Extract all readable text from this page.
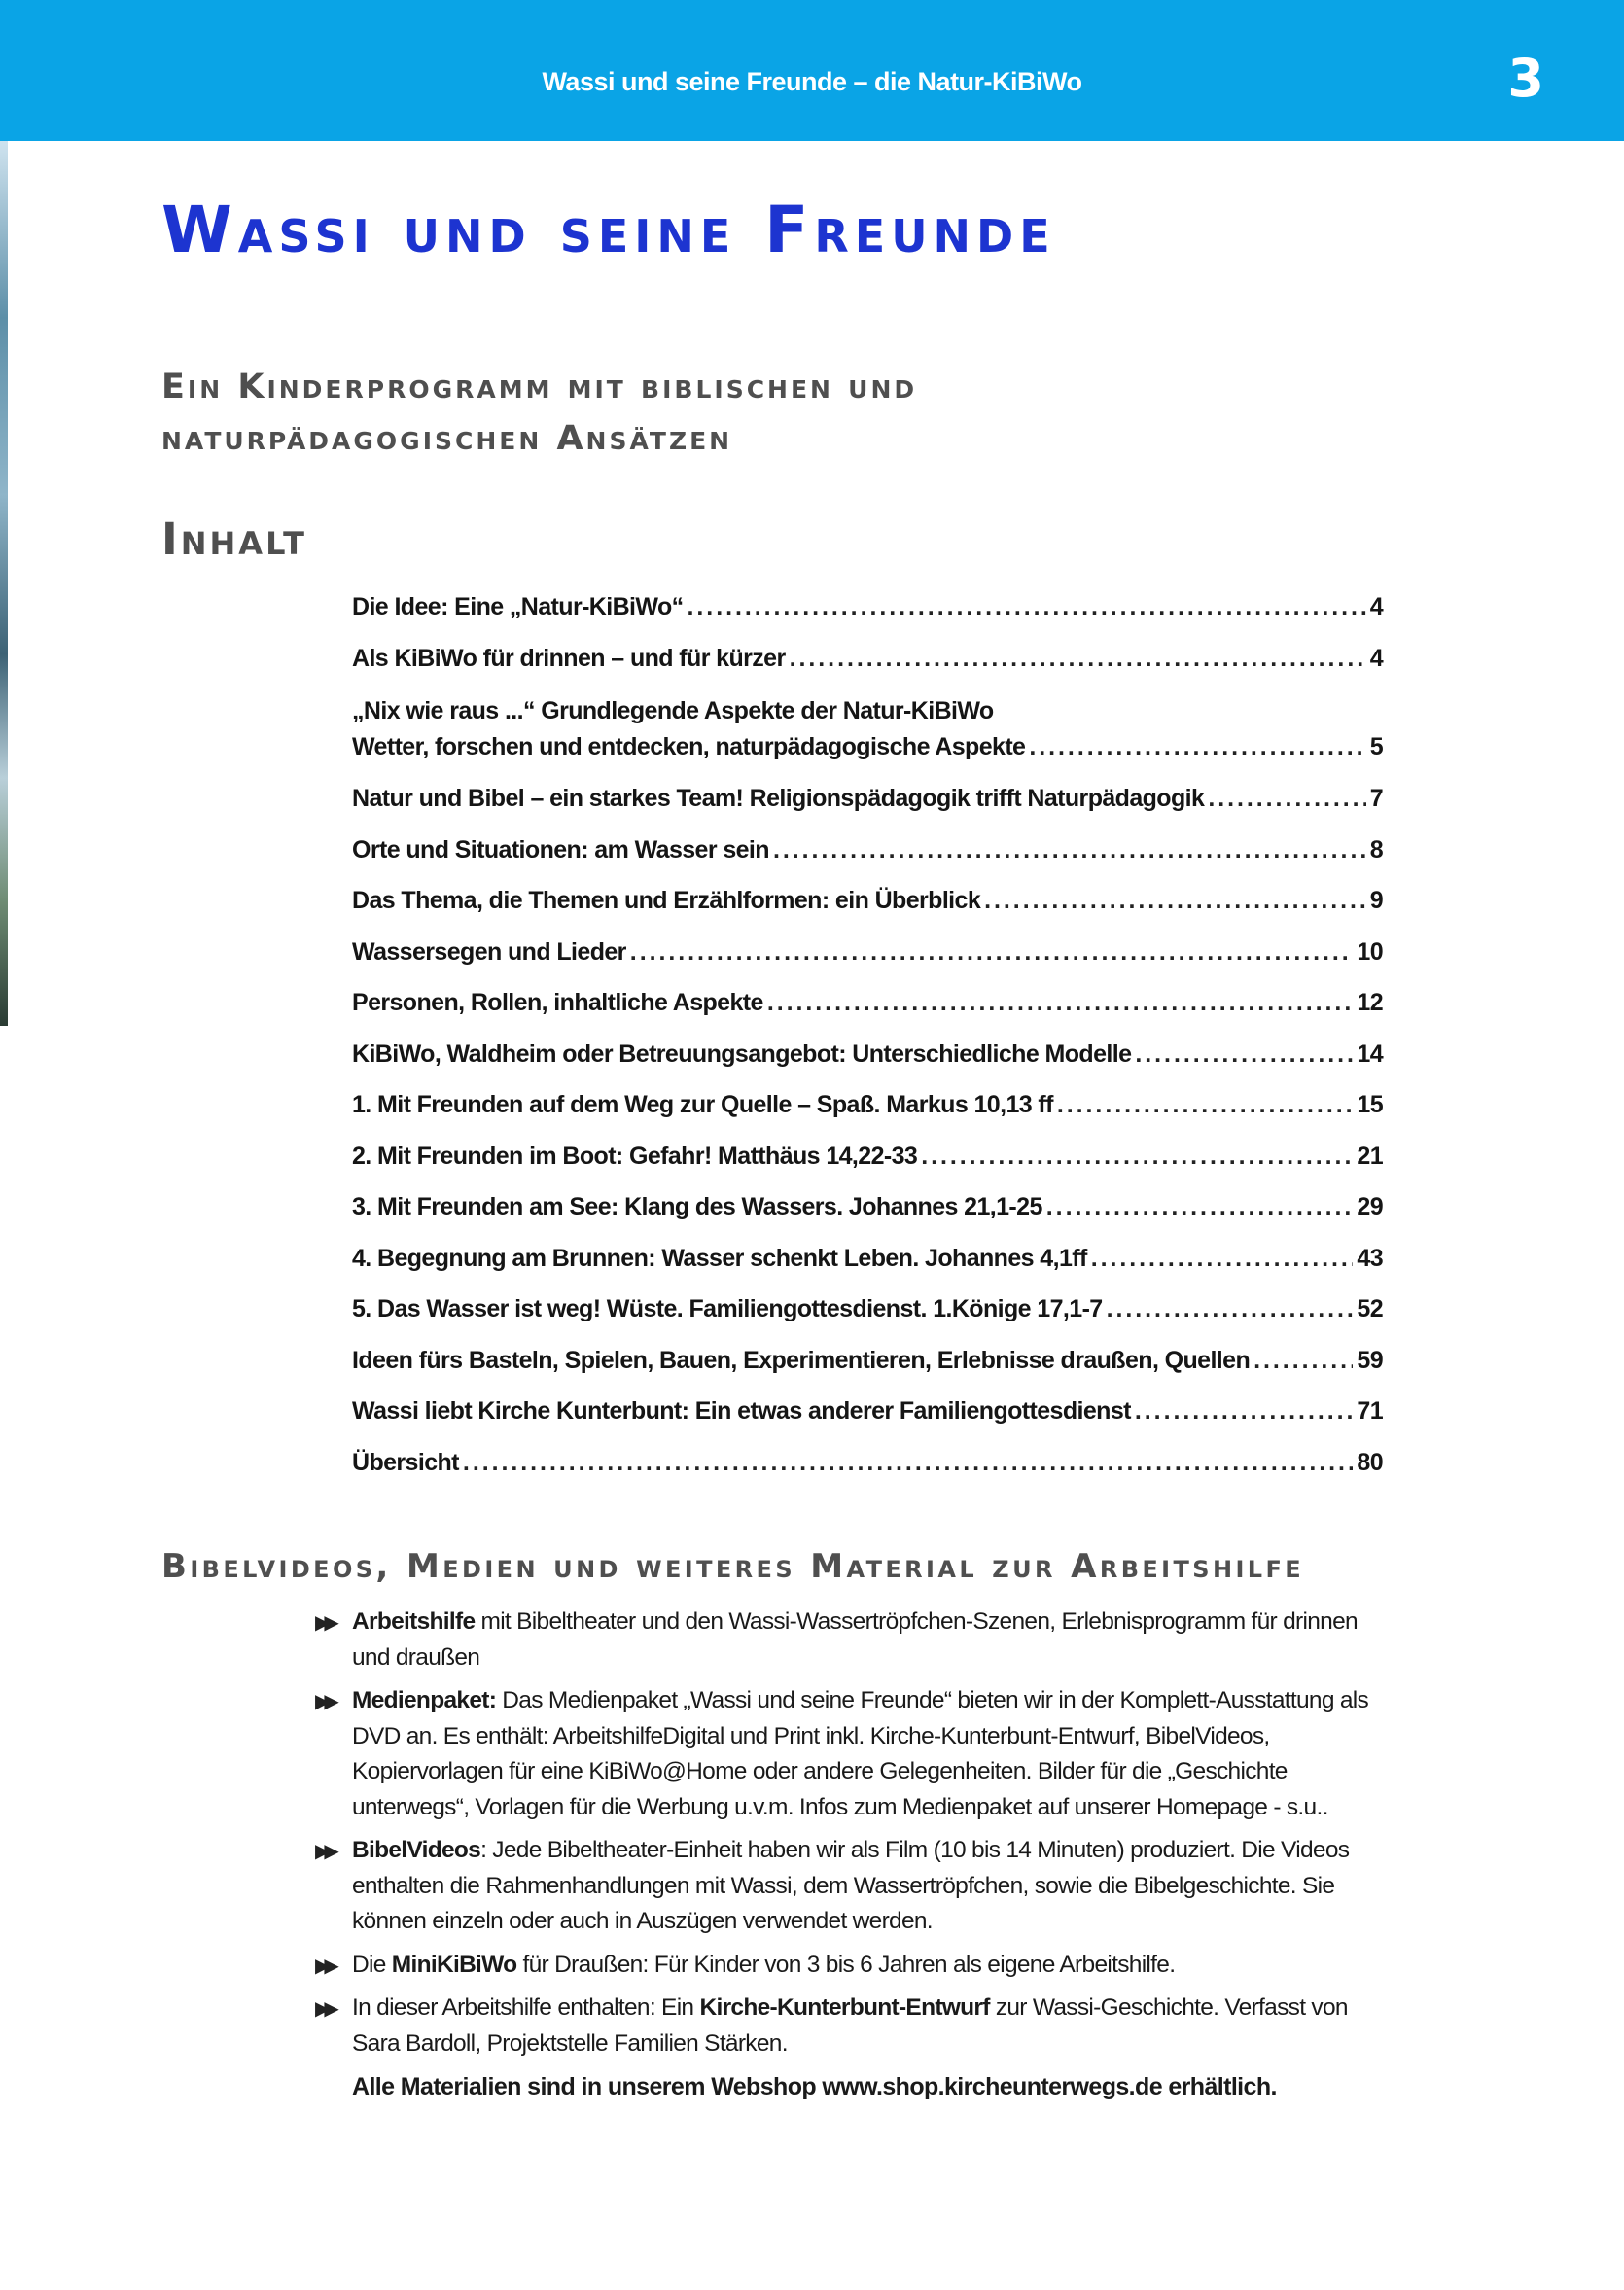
Wassi und seine Freunde – die Natur-KiBiWo	3
Wassi und seine Freunde
Ein Kinderprogramm mit biblischen und
naturpädagogischen Ansätzen
Inhalt
Die Idee: Eine „Natur-KiBiWo“ . . .	4
Als KiBiWo für drinnen – und für kürzer . . .	4
„Nix wie raus ...“ Grundlegende Aspekte der Natur-KiBiWo
Wetter, forschen und entdecken, naturpädagogische Aspekte . . .	5
Natur und Bibel – ein starkes Team! Religionspädagogik trifft Naturpädagogik . . .	7
Orte und Situationen: am Wasser sein . . .	8
Das Thema, die Themen und Erzählformen: ein Überblick . . .	9
Wassersegen und Lieder . . .	10
Personen, Rollen, inhaltliche Aspekte . . .	12
KiBiWo, Waldheim oder Betreuungsangebot: Unterschiedliche Modelle . . .	14
1. Mit Freunden auf dem Weg zur Quelle – Spaß. Markus 10,13 ff . . .	15
2. Mit Freunden im Boot: Gefahr! Matthäus 14,22-33 . . .	21
3. Mit Freunden am See: Klang des Wassers. Johannes 21,1-25 . . .	29
4. Begegnung am Brunnen: Wasser schenkt Leben. Johannes 4,1ff . . .	43
5. Das Wasser ist weg! Wüste. Familiengottesdienst. 1.Könige 17,1-7 . . .	52
Ideen fürs Basteln, Spielen, Bauen, Experimentieren, Erlebnisse draußen, Quellen . . .	59
Wassi liebt Kirche Kunterbunt: Ein etwas anderer Familiengottesdienst . . .	71
Übersicht . . .	80
Bibelvideos, Medien und weiteres Material zur Arbeitshilfe
▶▶ Arbeitshilfe mit Bibeltheater und den Wassi-Wassertröpfchen-Szenen, Erlebnisprogramm für drinnen und draußen
▶▶ Medienpaket: Das Medienpaket „Wassi und seine Freunde“ bieten wir in der Komplett-Ausstattung als DVD an. Es enthält: ArbeitshilfeDigital und Print inkl. Kirche-Kunterbunt-Entwurf, BibelVideos, Kopiervorlagen für eine KiBiWo@Home oder andere Gelegenheiten. Bilder für die „Geschichte unterwegs“, Vorlagen für die Werbung u.v.m. Infos zum Medienpaket auf unserer Homepage - s.u..
▶▶ BibelVideos: Jede Bibeltheater-Einheit haben wir als Film (10 bis 14 Minuten) produziert. Die Videos enthalten die Rahmenhandlungen mit Wassi, dem Wassertröpfchen, sowie die Bibelgeschichte. Sie können einzeln oder auch in Auszügen verwendet werden.
▶▶ Die MiniKiBiWo für Draußen: Für Kinder von 3 bis 6 Jahren als eigene Arbeitshilfe.
▶▶ In dieser Arbeitshilfe enthalten: Ein Kirche-Kunterbunt-Entwurf zur Wassi-Geschichte. Verfasst von Sara Bardoll, Projektstelle Familien Stärken.
Alle Materialien sind in unserem Webshop www.shop.kircheunterwegs.de erhältlich.
